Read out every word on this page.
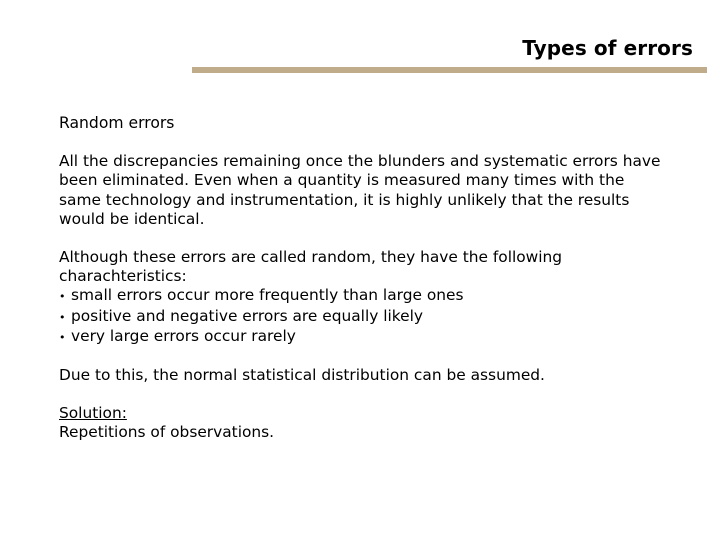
Types of errors
Random errors
All the discrepancies remaining once the blunders and systematic errors have
been eliminated. Even when a quantity is measured many times with the
same technology and instrumentation, it is highly unlikely that the results
would be identical.
Although these errors are called random, they have the following
charachteristics:
• small errors occur more frequently than large ones
• positive and negative errors are equally likely
• very large errors occur rarely
Due to this, the normal statistical distribution can be assumed.
Solution:
Repetitions of observations.
